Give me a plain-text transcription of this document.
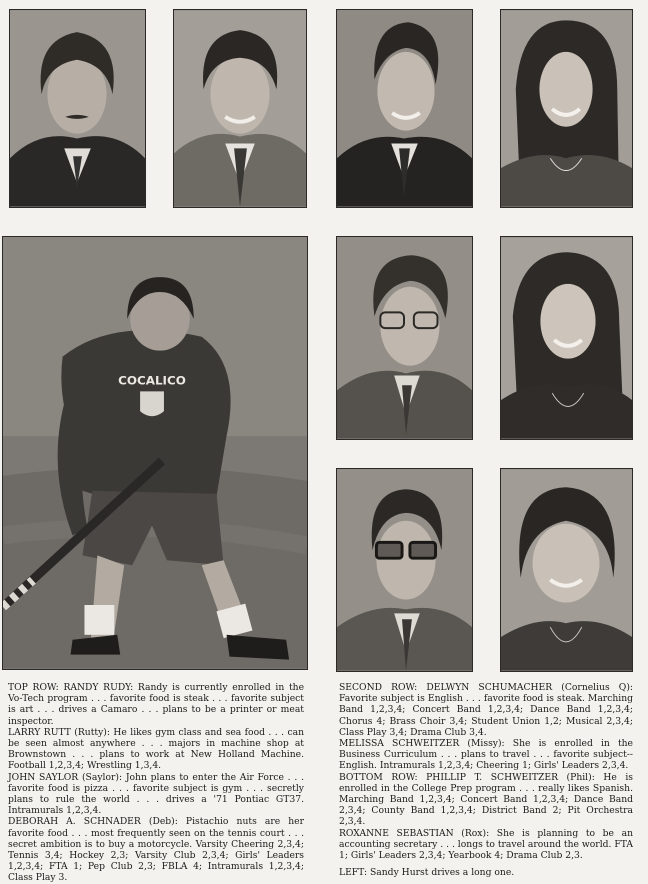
COCALICO

TOP ROW: RANDY RUDY: Randy is currently enrolled in the Vo-Tech program . . . favorite food is steak . . . favorite subject is art . . . drives a Camaro . . . plans to be a printer or meat inspector.

LARRY RUTT (Rutty): He likes gym class and sea food . . . can be seen almost anywhere . . . majors in machine shop at Brownstown . . . plans to work at New Holland Machine. Football 1,2,3,4; Wrestling 1,3,4.

JOHN SAYLOR (Saylor): John plans to enter the Air Force . . . favorite food is pizza . . . favorite subject is gym . . . secretly plans to rule the world . . . drives a '71 Pontiac GT37. Intramurals 1,2,3,4.

DEBORAH A. SCHNADER (Deb): Pistachio nuts are her favorite food . . . most frequently seen on the tennis court . . . secret ambition is to buy a motorcycle. Varsity Cheering 2,3,4; Tennis 3,4; Hockey 2,3; Varsity Club 2,3,4; Girls' Leaders 1,2,3,4; FTA 1; Pep Club 2,3; FBLA 4; Intramurals 1,2,3,4; Class Play 3.

SECOND ROW: DELWYN SCHUMACHER (Cornelius Q): Favorite subject is English . . . favorite food is steak. Marching Band 1,2,3,4; Concert Band 1,2,3,4; Dance Band 1,2,3,4; Chorus 4; Brass Choir 3,4; Student Union 1,2; Musical 2,3,4; Class Play 3,4; Drama Club 3,4.

MELISSA SCHWEITZER (Missy): She is enrolled in the Business Curriculum . . . plans to travel . . . favorite subject--English. Intramurals 1,2,3,4; Cheering 1; Girls' Leaders 2,3,4.

BOTTOM ROW: PHILLIP T. SCHWEITZER (Phil): He is enrolled in the College Prep program . . . really likes Spanish. Marching Band 1,2,3,4; Concert Band 1,2,3,4; Dance Band 2,3,4; County Band 1,2,3,4; District Band 2; Pit Orchestra 2,3,4.

ROXANNE SEBASTIAN (Rox): She is planning to be an accounting secretary . . . longs to travel around the world. FTA 1; Girls' Leaders 2,3,4; Yearbook 4; Drama Club 2,3.

LEFT: Sandy Hurst drives a long one.
